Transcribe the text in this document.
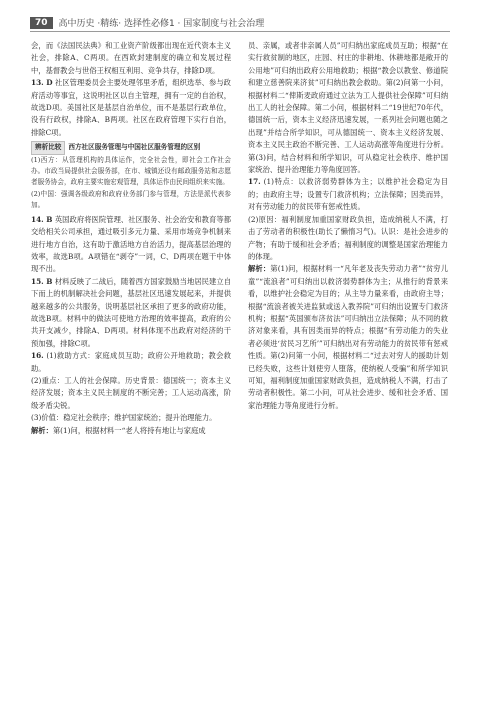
70	高中历史 ·精练· 选择性必修1 · 国家制度与社会治理

会，而《法国民法典》和工业资产阶级都出现在近代资本主义社会，排除A、C两项。在西欧封建制度的确立和发展过程中，基督教会与世俗王权相互利用、竞争共存，排除D项。

13. D 社区管理委员会主要处理邻里矛盾，组织选举、参与政府活动等事宜，这说明社区以自主管理，拥有一定的自治权，故选D项。美国社区是基层自治单位，而不是基层行政单位，没有行政权，排除A、B两项。社区在政府管理下实行自治，排除C项。

辨析比较 西方社区服务管理与中国社区服务管理的区别

(1)西方：从管理机构的具体运作，完全社会性，即社会工作社会办。市政当局提供社会服务部，在市、城镇还设有邮政服务站和志愿者服务协会，政府主要实施宏观管理，具体运作由民间组织来实施。

(2)中国：强调各级政府和政府业务部门参与管理，方法是派代表参加。

14. B 英国政府将医院管理、社区服务、社会治安和教育等都交给相关公司承担，通过吸引多元力量、采用市场竞争机制来进行地方自治，这有助于激活地方自治活力，提高基层治理的效率，故选B项。A项错在“剥夺”一词，C、D两项在题干中体现不出。

15. B 材料反映了二战后，随着西方国家鼓励当地居民建立自下而上的机制解决社会问题，基层社区迅速发展起来，并提供越来越多的公共服务，说明基层社区承担了更多的政府功能，故选B项。材料中的做法可使地方治理的效率提高，政府的公共开支减少，排除A、D两项。材料体现不出政府对经济的干预加强，排除C项。

16. (1)救助方式：家庭成员互助；政府公开地救助；教会救助。

(2)重点：工人的社会保障。历史背景：德国统一；资本主义经济发展；资本主义民主制度的不断完善；工人运动高涨，阶级矛盾尖锐。

(3)价值：稳定社会秩序；维护国家统治；提升治理能力。

解析：第(1)问，根据材料一“老人将持有地让与家庭成

员、亲属，或者非亲属人员”可归纳出家庭成员互助；根据“在实行救贫制的地区，庄园、村庄的非耕地、休耕地都是敞开的公用地”可归纳出政府公用地救助；根据“教会以教堂、修道院和建立慈善院来济贫”可归纳出教会救助。第(2)问第一小问，根据材料二“俾斯麦政府通过立法为工人提供社会保障”可归纳出工人的社会保障。第二小问，根据材料二“19世纪70年代，德国统一后，资本主义经济迅速发展，一系列社会问题也随之出现”并结合所学知识，可从德国统一、资本主义经济发展、资本主义民主政治不断完善、工人运动高涨等角度进行分析。第(3)问，结合材料和所学知识，可从稳定社会秩序、维护国家统治、提升治理能力等角度回答。

17. (1)特点：以救济弱势群体为主；以维护社会稳定为目的；由政府主导；设置专门救济机构；立法保障；因类而异，对有劳动能力的贫民带有惩戒性质。

(2)原因：福利制度加重国家财政负担，造成纳税人不满，打击了劳动者的积极性(助长了懒惰习气)。认识：是社会进步的产物；有助于缓和社会矛盾；福利制度的调整是国家治理能力的体现。

解析：第(1)问，根据材料一“凡年老及丧失劳动力者”“贫穷儿童”“流浪者”可归纳出以救济弱势群体为主；从推行的背景来看，以维护社会稳定为目的；从主导力量来看，由政府主导；根据“流浪者被关进监狱或送入教养院”可归纳出设置专门救济机构；根据“英国颁布济贫法”可归纳出立法保障；从不同的救济对象来看，具有因类而异的特点；根据“有劳动能力的失业者必须进‘贫民习艺所’”可归纳出对有劳动能力的贫民带有惩戒性质。第(2)问第一小问，根据材料二“过去对穷人的援助计划已经失败，这些计划使穷人堕落，使纳税人受骗”和所学知识可知，福利制度加重国家财政负担，造成纳税人不满，打击了劳动者积极性。第二小问，可从社会进步、缓和社会矛盾、国家治理能力等角度进行分析。
